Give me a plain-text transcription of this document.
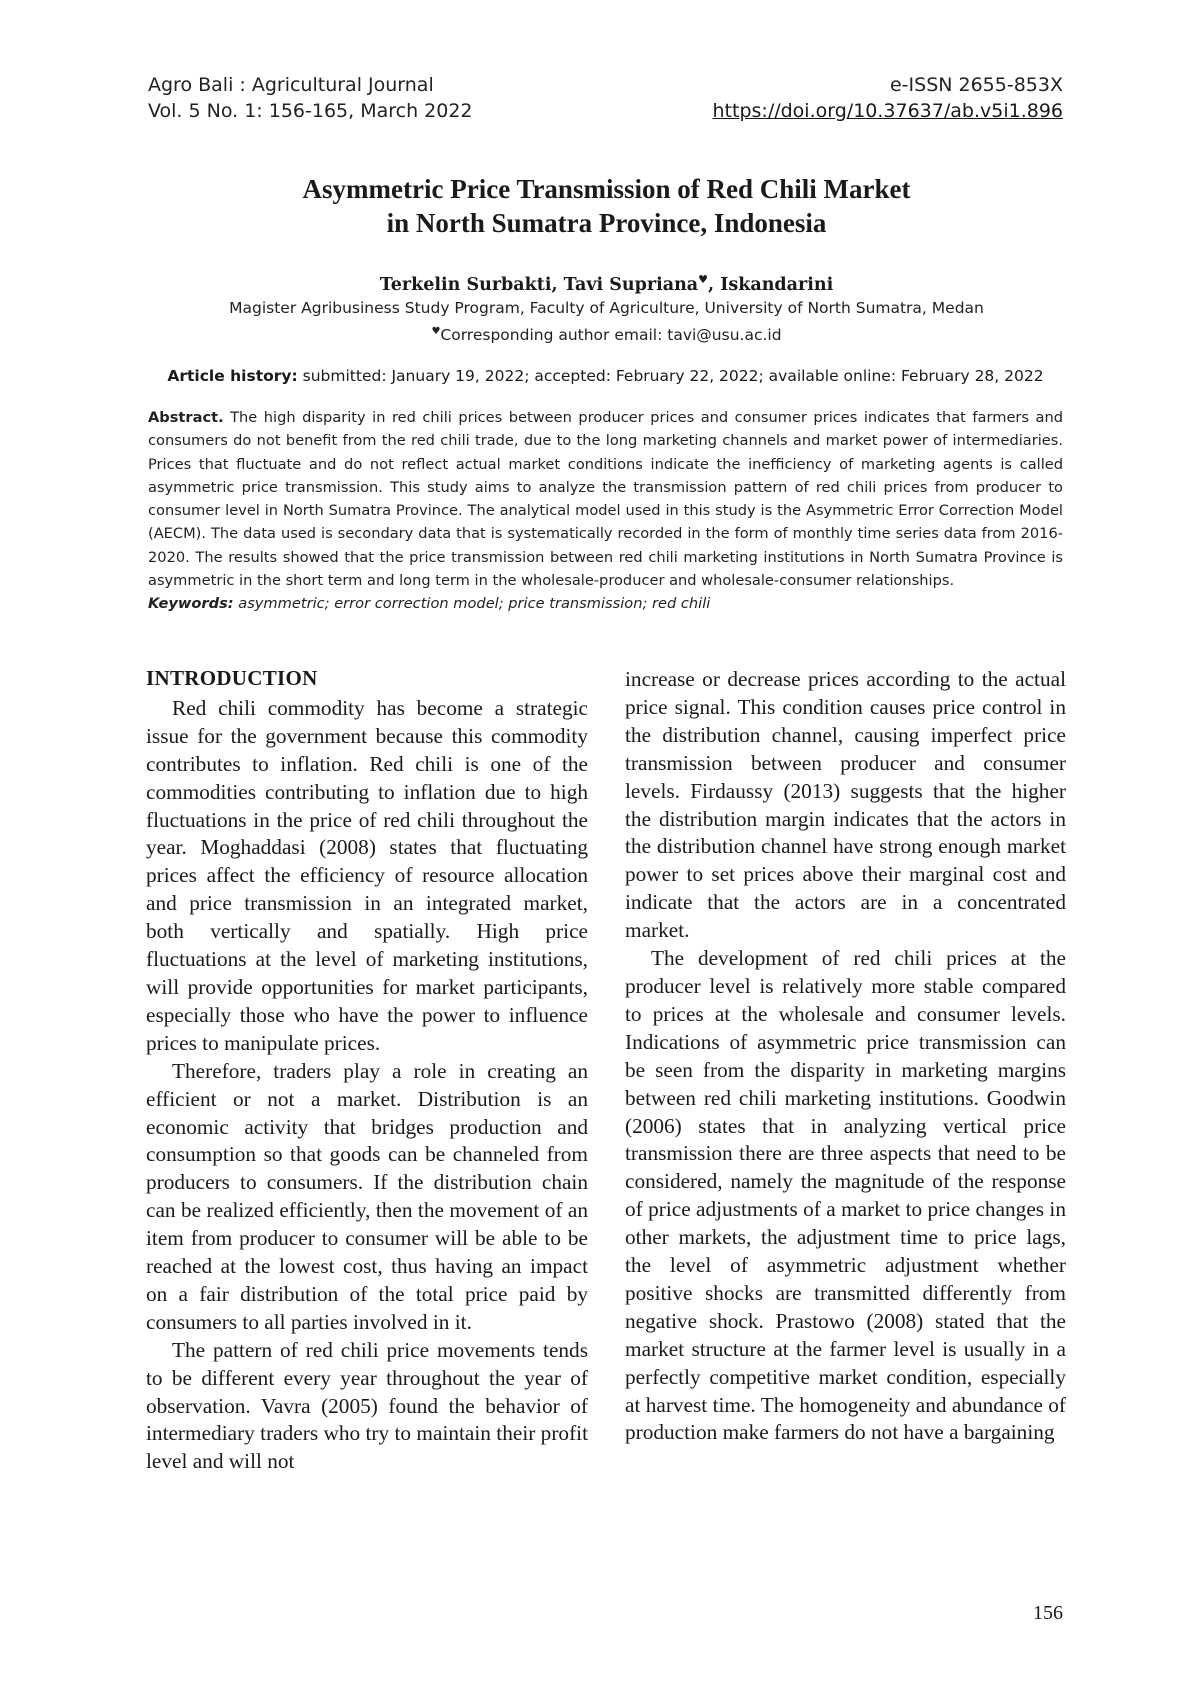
Agro Bali : Agricultural Journal
Vol. 5 No. 1: 156-165, March 2022
e-ISSN 2655-853X
https://doi.org/10.37637/ab.v5i1.896
Asymmetric Price Transmission of Red Chili Market
in North Sumatra Province, Indonesia
Terkelin Surbakti, Tavi Supriana♥, Iskandarini
Magister Agribusiness Study Program, Faculty of Agriculture, University of North Sumatra, Medan
♥Corresponding author email: tavi@usu.ac.id
Article history: submitted: January 19, 2022; accepted: February 22, 2022; available online: February 28, 2022
Abstract. The high disparity in red chili prices between producer prices and consumer prices indicates that farmers and consumers do not benefit from the red chili trade, due to the long marketing channels and market power of intermediaries. Prices that fluctuate and do not reflect actual market conditions indicate the inefficiency of marketing agents is called asymmetric price transmission. This study aims to analyze the transmission pattern of red chili prices from producer to consumer level in North Sumatra Province. The analytical model used in this study is the Asymmetric Error Correction Model (AECM). The data used is secondary data that is systematically recorded in the form of monthly time series data from 2016-2020. The results showed that the price transmission between red chili marketing institutions in North Sumatra Province is asymmetric in the short term and long term in the wholesale-producer and wholesale-consumer relationships.
Keywords: asymmetric; error correction model; price transmission; red chili
INTRODUCTION

Red chili commodity has become a strategic issue for the government because this commodity contributes to inflation. Red chili is one of the commodities contributing to inflation due to high fluctuations in the price of red chili throughout the year. Moghaddasi (2008) states that fluctuating prices affect the efficiency of resource allocation and price transmission in an integrated market, both vertically and spatially. High price fluctuations at the level of marketing institutions, will provide opportunities for market participants, especially those who have the power to influence prices to manipulate prices.

Therefore, traders play a role in creating an efficient or not a market. Distribution is an economic activity that bridges production and consumption so that goods can be channeled from producers to consumers. If the distribution chain can be realized efficiently, then the movement of an item from producer to consumer will be able to be reached at the lowest cost, thus having an impact on a fair distribution of the total price paid by consumers to all parties involved in it.

The pattern of red chili price movements tends to be different every year throughout the year of observation. Vavra (2005) found the behavior of intermediary traders who try to maintain their profit level and will not

increase or decrease prices according to the actual price signal. This condition causes price control in the distribution channel, causing imperfect price transmission between producer and consumer levels. Firdaussy (2013) suggests that the higher the distribution margin indicates that the actors in the distribution channel have strong enough market power to set prices above their marginal cost and indicate that the actors are in a concentrated market.

The development of red chili prices at the producer level is relatively more stable compared to prices at the wholesale and consumer levels. Indications of asymmetric price transmission can be seen from the disparity in marketing margins between red chili marketing institutions. Goodwin (2006) states that in analyzing vertical price transmission there are three aspects that need to be considered, namely the magnitude of the response of price adjustments of a market to price changes in other markets, the adjustment time to price lags, the level of asymmetric adjustment whether positive shocks are transmitted differently from negative shock. Prastowo (2008) stated that the market structure at the farmer level is usually in a perfectly competitive market condition, especially at harvest time. The homogeneity and abundance of production make farmers do not have a bargaining

156
